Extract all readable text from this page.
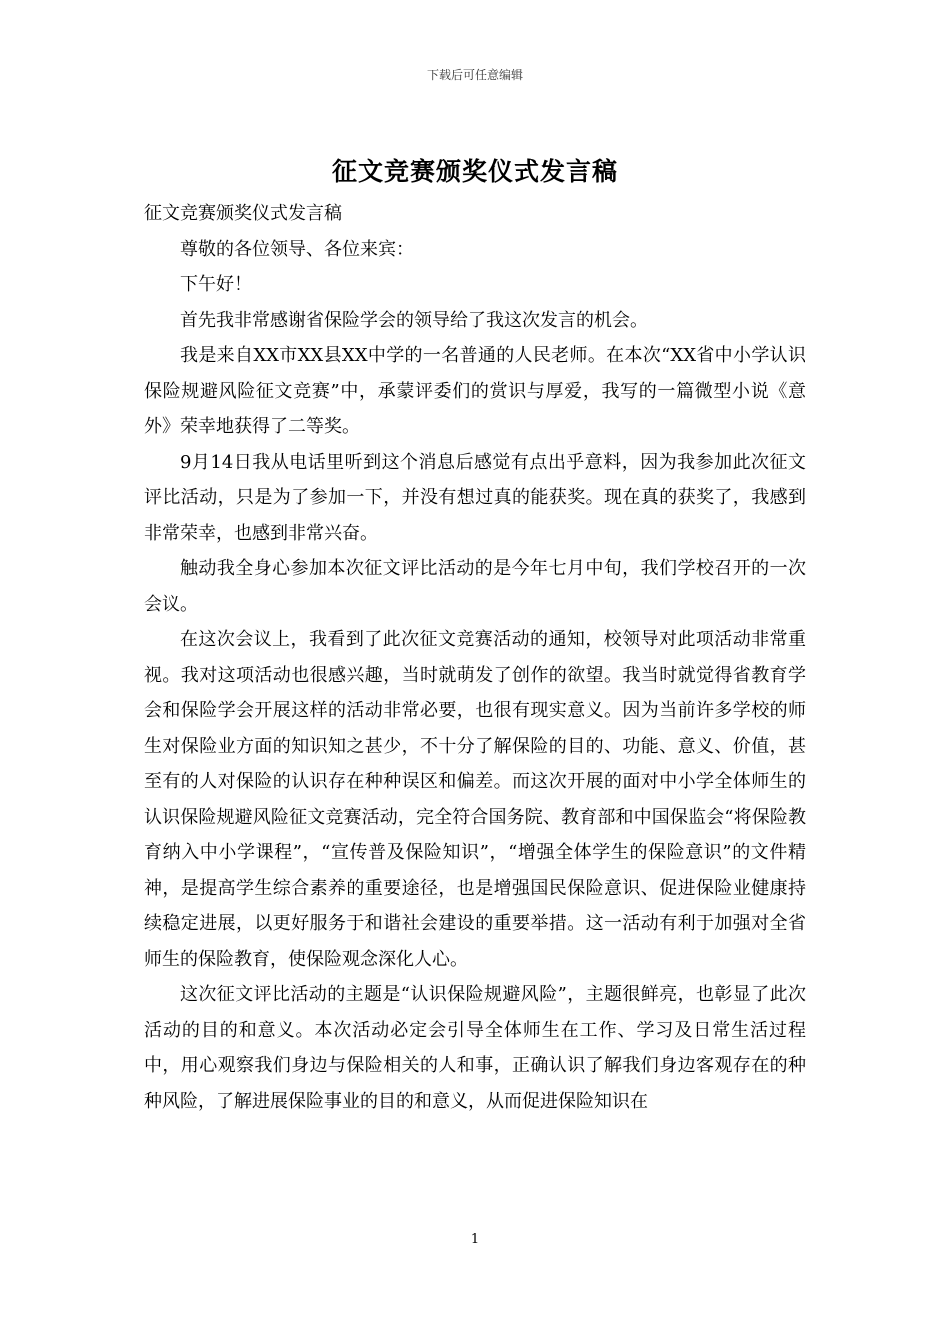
下载后可任意编辑
征文竞赛颁奖仪式发言稿

征文竞赛颁奖仪式发言稿

尊敬的各位领导、各位来宾：

下午好！

首先我非常感谢省保险学会的领导给了我这次发言的机会。

我是来自XX市XX县XX中学的一名普通的人民老师。在本次“XX省中小学认识保险规避风险征文竞赛”中，承蒙评委们的赏识与厚爱，我写的一篇微型小说《意外》荣幸地获得了二等奖。

9月14日我从电话里听到这个消息后感觉有点出乎意料，因为我参加此次征文评比活动，只是为了参加一下，并没有想过真的能获奖。现在真的获奖了，我感到非常荣幸，也感到非常兴奋。

触动我全身心参加本次征文评比活动的是今年七月中旬，我们学校召开的一次会议。

在这次会议上，我看到了此次征文竞赛活动的通知，校领导对此项活动非常重视。我对这项活动也很感兴趣，当时就萌发了创作的欲望。我当时就觉得省教育学会和保险学会开展这样的活动非常必要，也很有现实意义。因为当前许多学校的师生对保险业方面的知识知之甚少，不十分了解保险的目的、功能、意义、价值，甚至有的人对保险的认识存在种种误区和偏差。而这次开展的面对中小学全体师生的认识保险规避风险征文竞赛活动，完全符合国务院、教育部和中国保监会“将保险教育纳入中小学课程”，“宣传普及保险知识”，“增强全体学生的保险意识”的文件精神，是提高学生综合素养的重要途径，也是增强国民保险意识、促进保险业健康持续稳定进展，以更好服务于和谐社会建设的重要举措。这一活动有利于加强对全省师生的保险教育，使保险观念深化人心。

这次征文评比活动的主题是“认识保险规避风险”，主题很鲜亮，也彰显了此次活动的目的和意义。本次活动必定会引导全体师生在工作、学习及日常生活过程中，用心观察我们身边与保险相关的人和事，正确认识了解我们身边客观存在的种种风险，了解进展保险事业的目的和意义，从而促进保险知识在

1
